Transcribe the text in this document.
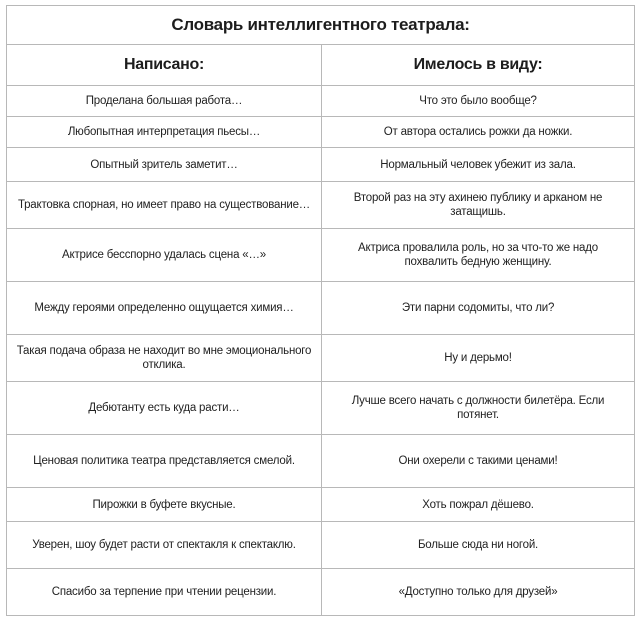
Словарь интеллигентного театрала:	
Написано:	Имелось в виду:
Проделана большая работа…	Что это было вообще?
Любопытная интерпретация пьесы…	От автора остались рожки да ножки.
Опытный зритель заметит…	Нормальный человек убежит из зала.
Трактовка спорная, но имеет право на существование…	Второй раз на эту ахинею публику и арканом не затащишь.
Актрисе бесспорно удалась сцена «…»	Актриса провалила роль, но за что-то же надо похвалить бедную женщину.
Между героями определенно ощущается химия…	Эти парни содомиты, что ли?
Такая подача образа не находит во мне эмоционального отклика.	Ну и дерьмо!
Дебютанту есть куда расти…	Лучше всего начать с должности билетёра. Если потянет.
Ценовая политика театра представляется смелой.	Они охерели с такими ценами!
Пирожки в буфете вкусные.	Хоть пожрал дёшево.
Уверен, шоу будет расти от спектакля к спектаклю.	Больше сюда ни ногой.
Спасибо за терпение при чтении рецензии.	«Доступно только для друзей»
